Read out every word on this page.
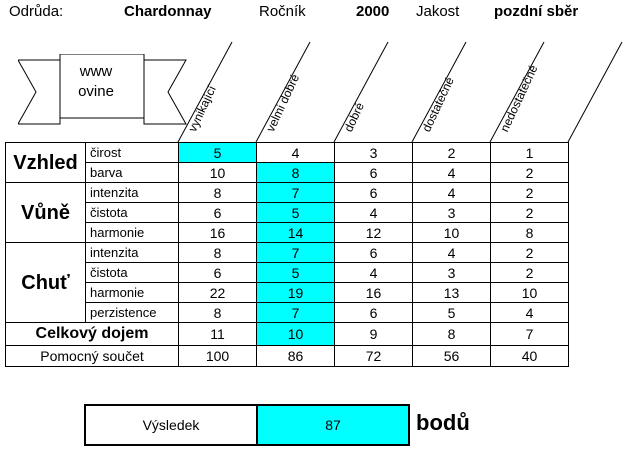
Odrůda:	Chardonnay	Ročník	2000 Jakost pozdní sběr
www
ovine	vynikající	velmi dobré	dobré	dostatečné	nedostatečné
Vzhled	čirost	5	4	3	2	1
	barva	10	8	6	4	2
Vůně	intenzita	8	7	6	4	2
	čistota	6	5	4	3	2
	harmonie	16	14	12	10	8
Chuť	intenzita	8	7	6	4	2
	čistota	6	5	4	3	2
	harmonie	22	19	16	13	10
	perzistence	8	7	6	5	4
Celkový dojem		11	10	9	8	7
Pomocný součet		100	86	72	56	40
Výsledek	87	bodů
